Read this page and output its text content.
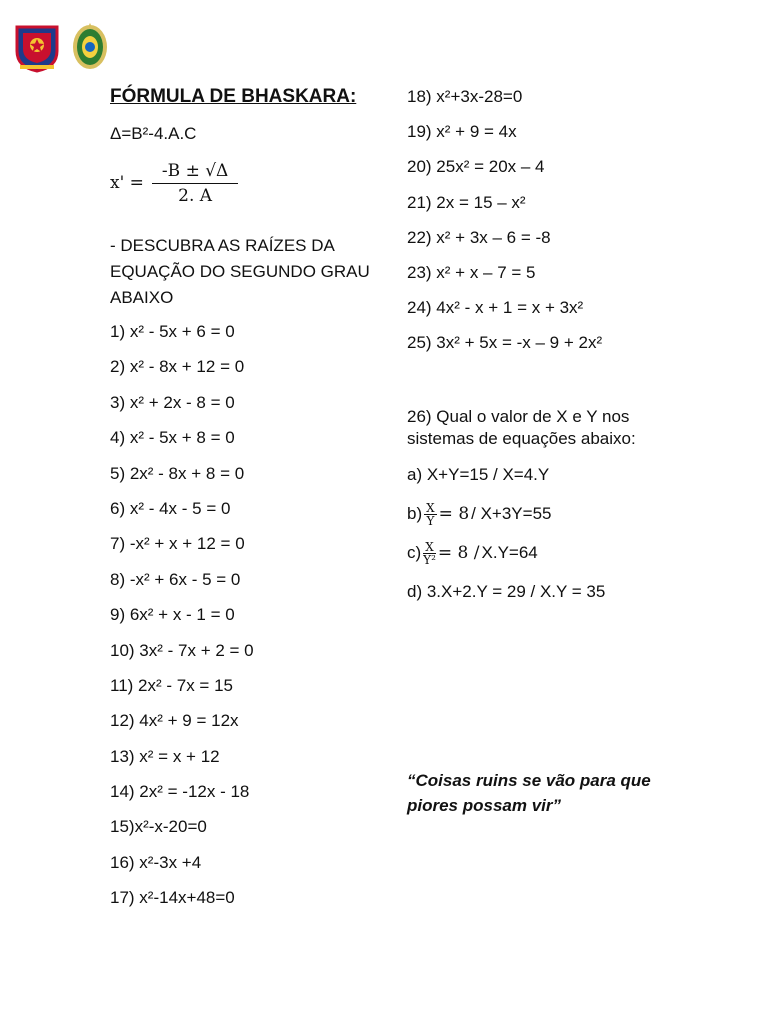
FÓRMULA DE BHASKARA:

Δ=B²-4.A.C

$x' = \frac{-B \pm √\Delta}{2. A}$

- DESCUBRA AS RAÍZES DA EQUAÇÃO DO SEGUNDO GRAU ABAIXO

1) x² - 5x + 6 = 0

2) x² - 8x + 12 = 0

3) x² + 2x - 8 = 0

4) x² - 5x + 8 = 0

5) 2x² - 8x + 8 = 0

6) x² - 4x - 5 = 0

7) -x² + x + 12 = 0

8) -x² + 6x - 5 = 0

9) 6x² + x - 1 = 0

10) 3x² - 7x + 2 = 0

11) 2x² - 7x = 15

12) 4x² + 9 = 12x

13) x² = x + 12

14) 2x² = -12x - 18

15)x²-x-20=0

16) x²-3x +4

17) x²-14x+48=0

18) x²+3x-28=0

19) x² + 9 = 4x

20) 25x² = 20x – 4

21) 2x = 15 – x²

22) x² + 3x – 6 = -8

23) x² + x – 7 = 5

24) 4x² - x + 1 = x + 3x²

25) 3x² + 5x = -x – 9 + 2x²

26) Qual o valor de X e Y nos sistemas de equações abaixo:

a) X+Y=15 / X=4.Y
$b) \frac{X}{Y} = 8 / X+3Y=55$
$c) \frac{X}{\text{Y²}} = 8 / X.Y=64$
d) 3.X+2.Y = 29 / X.Y = 35

“Coisas ruins se vão para que piores possam vir”
